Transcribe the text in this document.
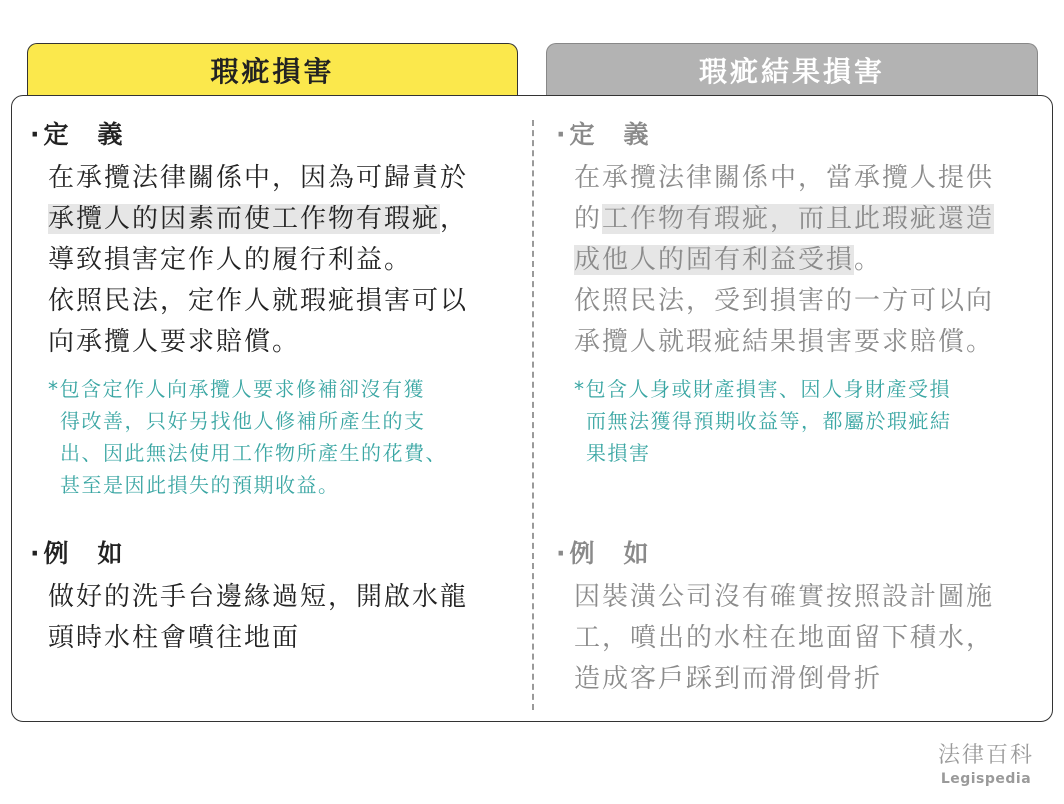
瑕疵損害	瑕疵結果損害

·定　義

在承攬法律關係中，因為可歸責於

承攬人的因素而使工作物有瑕疵，

導致損害定作人的履行利益。

依照民法，定作人就瑕疵損害可以

向承攬人要求賠償。

*包含定作人向承攬人要求修補卻沒有獲

得改善，只好另找他人修補所產生的支

出、因此無法使用工作物所產生的花費、

甚至是因此損失的預期收益。

·例　如

做好的洗手台邊緣過短，開啟水龍

頭時水柱會噴往地面

·定　義

在承攬法律關係中，當承攬人提供

的工作物有瑕疵，而且此瑕疵還造

成他人的固有利益受損。

依照民法，受到損害的一方可以向

承攬人就瑕疵結果損害要求賠償。

*包含人身或財產損害、因人身財產受損

而無法獲得預期收益等，都屬於瑕疵結

果損害

·例　如

因裝潢公司沒有確實按照設計圖施

工，噴出的水柱在地面留下積水，

造成客戶踩到而滑倒骨折

法律百科
Legispedia
